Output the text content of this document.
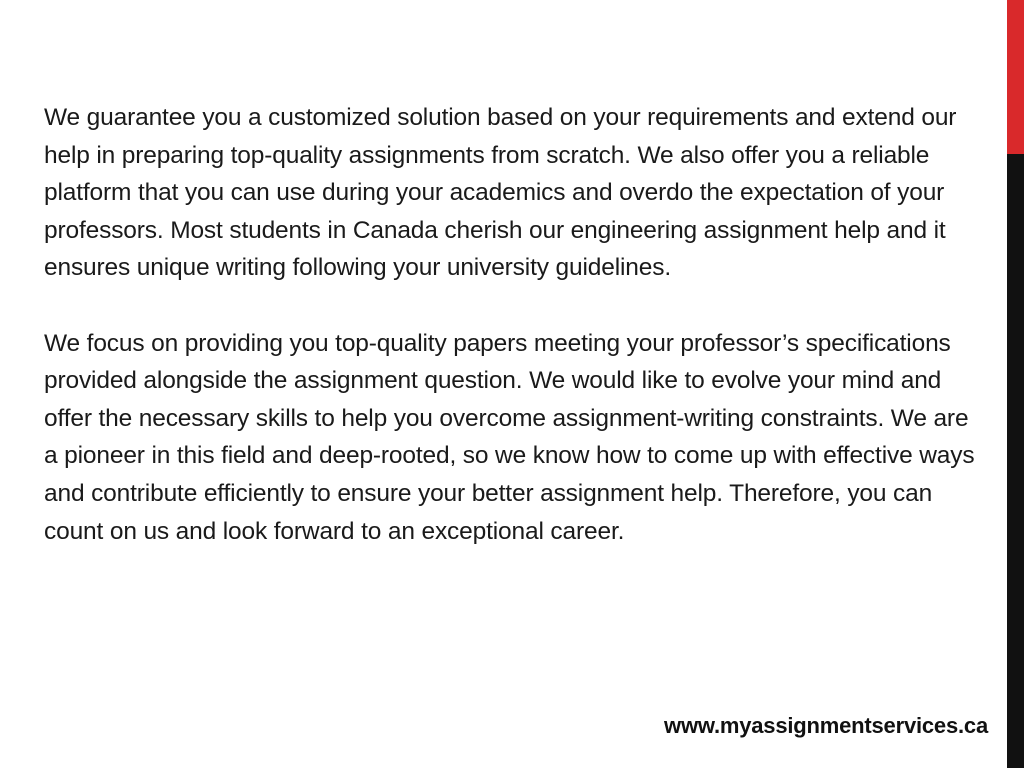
We guarantee you a customized solution based on your requirements and extend our help in preparing top-quality assignments from scratch. We also offer you a reliable platform that you can use during your academics and overdo the expectation of your professors. Most students in Canada cherish our engineering assignment help and it ensures unique writing following your university guidelines.

We focus on providing you top-quality papers meeting your professor’s specifications provided alongside the assignment question. We would like to evolve your mind and offer the necessary skills to help you overcome assignment-writing constraints. We are a pioneer in this field and deep-rooted, so we know how to come up with effective ways and contribute efficiently to ensure your better assignment help. Therefore, you can count on us and look forward to an exceptional career.

www.myassignmentservices.ca
